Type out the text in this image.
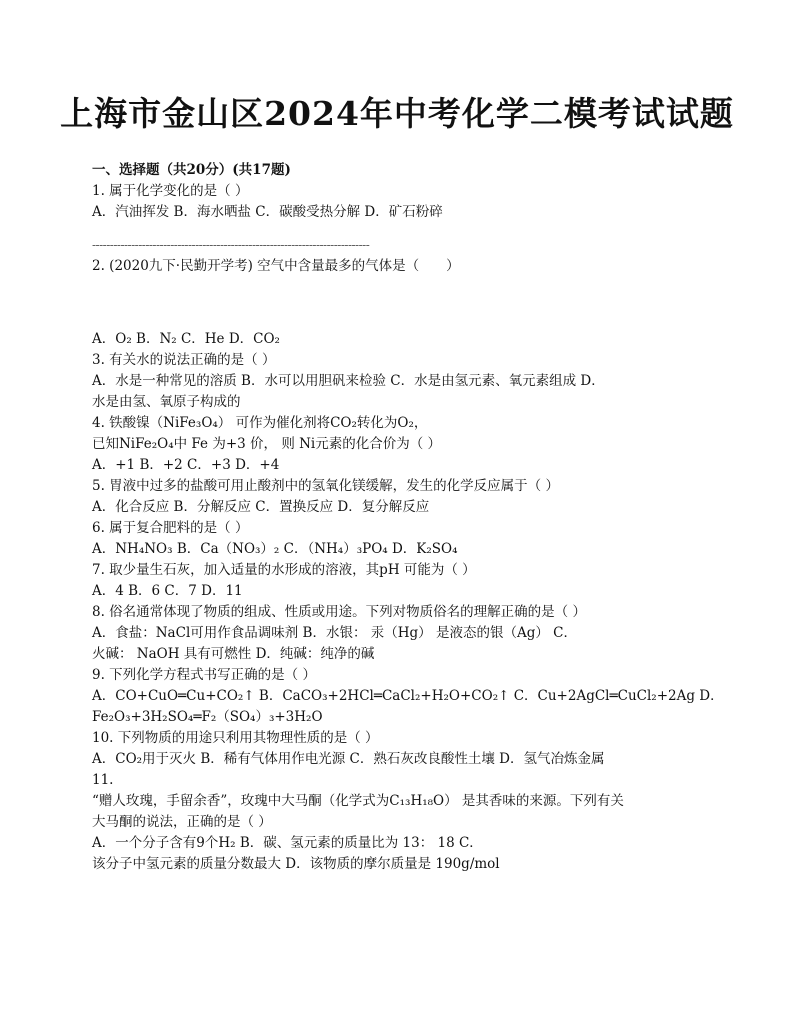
上海市金山区2024年中考化学二模考试试题
一、选择题（共20分）(共17题)
1. 属于化学变化的是（ ）
A．汽油挥发 B．海水晒盐 C．碳酸受热分解 D．矿石粉碎
------------------------------------------------------------------------------
2. (2020九下·民勤开学考) 空气中含量最多的气体是（　　）
A．O₂ B．N₂ C．He D．CO₂
3. 有关水的说法正确的是（ ）
A．水是一种常见的溶质 B．水可以用胆矾来检验 C．水是由氢元素、氧元素组成 D．
水是由氢、氧原子构成的
4. 铁酸镍（NiFe₃O₄） 可作为催化剂将CO₂转化为O₂，
已知NiFe₂O₄中 Fe 为+3 价， 则 Ni元素的化合价为（ ）
A．+1 B．+2 C．+3 D．+4
5. 胃液中过多的盐酸可用止酸剂中的氢氧化镁缓解，发生的化学反应属于（ ）
A．化合反应 B．分解反应 C．置换反应 D．复分解反应
6. 属于复合肥料的是（ ）
A．NH₄NO₃ B．Ca（NO₃）₂ C．（NH₄）₃PO₄ D．K₂SO₄
7. 取少量生石灰，加入适量的水形成的溶液，其pH 可能为（ ）
A．4 B．6 C．7 D．11
8. 俗名通常体现了物质的组成、性质或用途。下列对物质俗名的理解正确的是（ ）
A．食盐：NaCl可用作食品调味剂 B．水银： 汞（Hg） 是液态的银（Ag） C．
火碱： NaOH 具有可燃性 D．纯碱：纯净的碱
9. 下列化学方程式书写正确的是（ ）
A．CO+CuO═Cu+CO₂↑ B．CaCO₃+2HCl═CaCl₂+H₂O+CO₂↑ C．Cu+2AgCl═CuCl₂+2Ag D．
Fe₂O₃+3H₂SO₄═F₂（SO₄）₃+3H₂O
10. 下列物质的用途只利用其物理性质的是（ ）
A．CO₂用于灭火 B．稀有气体用作电光源 C．熟石灰改良酸性土壤 D．氢气冶炼金属
11.
“赠人玫瑰，手留余香”，玫瑰中大马酮（化学式为C₁₃H₁₈O） 是其香味的来源。下列有关
大马酮的说法，正确的是（ ）
A．一个分子含有9个H₂ B．碳、氢元素的质量比为 13： 18 C．
该分子中氢元素的质量分数最大 D．该物质的摩尔质量是 190g/mol
